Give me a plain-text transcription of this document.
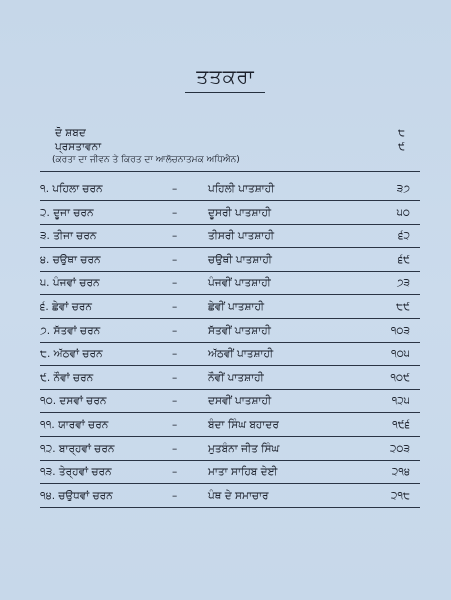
ਤਤਕਰਾ
ਦੋ ਸ਼ਬਦ	੮
ਪ੍ਰਸਤਾਵਨਾ	੯
(ਕਰਤਾ ਦਾ ਜੀਵਨ ਤੇ ਕਿਰਤ ਦਾ ਆਲੋਚਨਾਤਮਕ ਅਧਿਐਨ)
੧. ਪਹਿਲਾ ਚਰਨ	–	ਪਹਿਲੀ ਪਾਤਸ਼ਾਹੀ	੩੭
੨. ਦੂਜਾ ਚਰਨ	–	ਦੂਸਰੀ ਪਾਤਸ਼ਾਹੀ	੫੦
੩. ਤੀਜਾ ਚਰਨ	–	ਤੀਸਰੀ ਪਾਤਸ਼ਾਹੀ	੬੨
੪. ਚਉਥਾ ਚਰਨ	–	ਚਉਥੀ ਪਾਤਸ਼ਾਹੀ	੬੯
੫. ਪੰਜਵਾਂ ਚਰਨ	–	ਪੰਜਵੀਂ ਪਾਤਸ਼ਾਹੀ	੭੩
੬. ਛੇਵਾਂ ਚਰਨ	–	ਛੇਵੀਂ ਪਾਤਸ਼ਾਹੀ	੮੯
੭. ਸੱਤਵਾਂ ਚਰਨ	–	ਸੱਤਵੀਂ ਪਾਤਸ਼ਾਹੀ	੧੦੩
੮. ਅੱਠਵਾਂ ਚਰਨ	–	ਅੱਠਵੀਂ ਪਾਤਸ਼ਾਹੀ	੧੦੫
੯. ਨੌਵਾਂ ਚਰਨ	–	ਨੌਵੀਂ ਪਾਤਸ਼ਾਹੀ	੧੦੯
੧੦. ਦਸਵਾਂ ਚਰਨ	–	ਦਸਵੀਂ ਪਾਤਸ਼ਾਹੀ	੧੨੫
੧੧. ਯਾਰਵਾਂ ਚਰਨ	–	ਬੰਦਾ ਸਿੰਘ ਬਹਾਦਰ	੧੯੬
੧੨. ਬਾਰ੍ਹਵਾਂ ਚਰਨ	–	ਮੁਤਬੰਨਾ ਜੀਤ ਸਿੰਘ	੨੦੩
੧੩. ਤੇਰ੍ਹਵਾਂ ਚਰਨ	–	ਮਾਤਾ ਸਾਹਿਬ ਦੇਈ	੨੧੪
੧੪. ਚਉਧਵਾਂ ਚਰਨ	–	ਪੰਥ ਦੇ ਸਮਾਚਾਰ	੨੧੮
